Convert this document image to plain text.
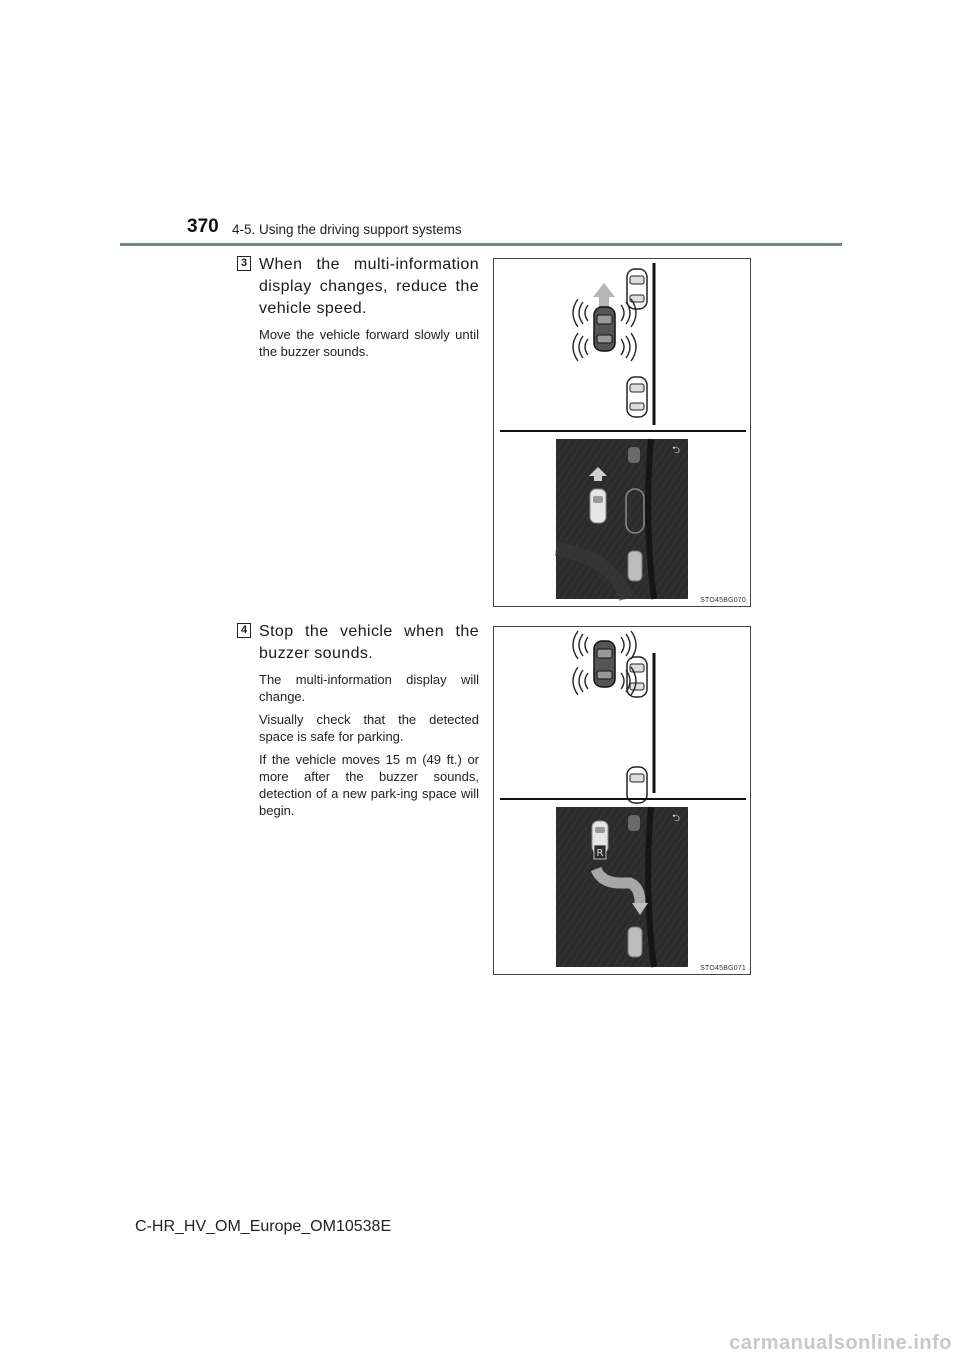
370 4-5. Using the driving support systems
3 When the multi-information display changes, reduce the vehicle speed.

Move the vehicle forward slowly until the buzzer sounds.

⮌
STO45BG070
4 Stop the vehicle when the buzzer sounds.

The multi-information display will change.

Visually check that the detected space is safe for parking.

If the vehicle moves 15 m (49 ft.) or more after the buzzer sounds, detection of a new park-ing space will begin.

⮌
R
STO45BG071
C-HR_HV_OM_Europe_OM10538E
carmanualsonline.info
